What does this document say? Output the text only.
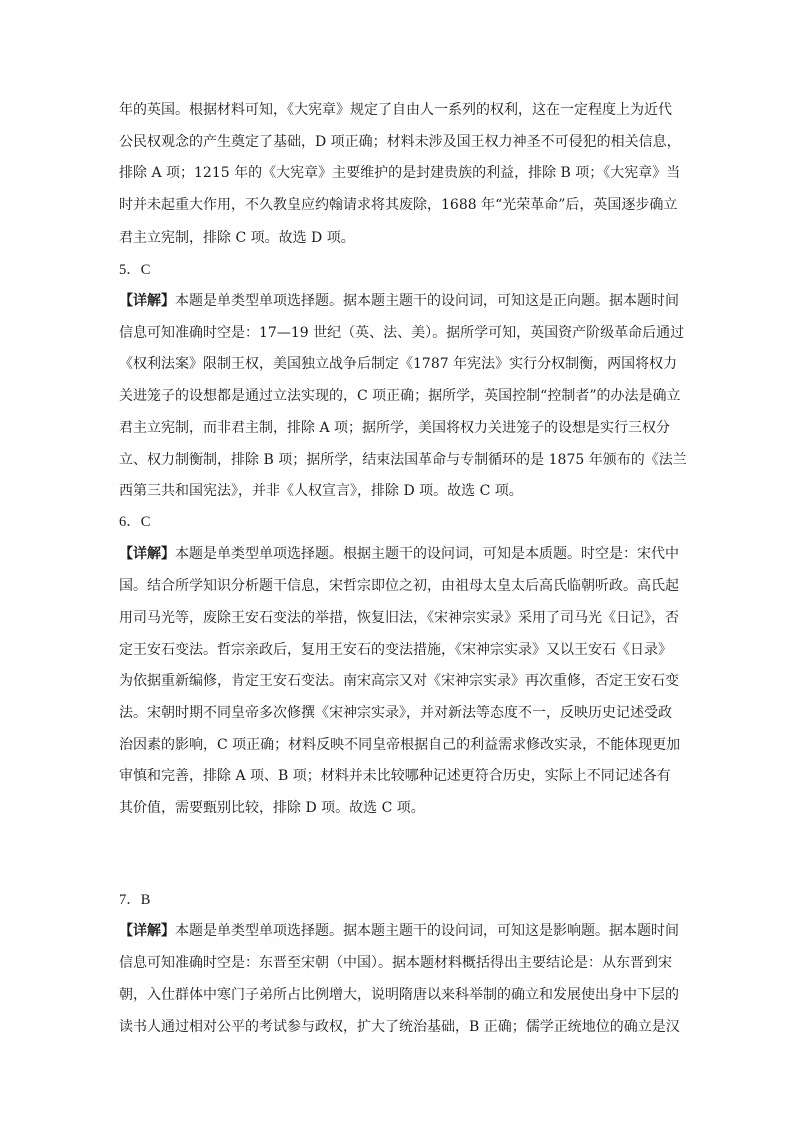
年的英国。根据材料可知，《大宪章》规定了自由人一系列的权利，这在一定程度上为近代
公民权观念的产生奠定了基础，D 项正确；材料未涉及国王权力神圣不可侵犯的相关信息，
排除 A 项；1215 年的《大宪章》主要维护的是封建贵族的利益，排除 B 项；《大宪章》当
时并未起重大作用，不久教皇应约翰请求将其废除，1688 年“光荣革命”后，英国逐步确立
君主立宪制，排除 C 项。故选 D 项。
5．C
【详解】本题是单类型单项选择题。据本题主题干的设问词，可知这是正向题。据本题时间
信息可知准确时空是：17—19 世纪（英、法、美）。据所学可知，英国资产阶级革命后通过
《权利法案》限制王权，美国独立战争后制定《1787 年宪法》实行分权制衡，两国将权力
关进笼子的设想都是通过立法实现的，C 项正确；据所学，英国控制“控制者”的办法是确立
君主立宪制，而非君主制，排除 A 项；据所学，美国将权力关进笼子的设想是实行三权分
立、权力制衡制，排除 B 项；据所学，结束法国革命与专制循环的是 1875 年颁布的《法兰
西第三共和国宪法》，并非《人权宣言》，排除 D 项。故选 C 项。
6．C
【详解】本题是单类型单项选择题。根据主题干的设问词，可知是本质题。时空是：宋代中
国。结合所学知识分析题干信息，宋哲宗即位之初，由祖母太皇太后高氏临朝听政。高氏起
用司马光等，废除王安石变法的举措，恢复旧法，《宋神宗实录》采用了司马光《日记》，否
定王安石变法。哲宗亲政后，复用王安石的变法措施，《宋神宗实录》又以王安石《日录》
为依据重新编修，肯定王安石变法。南宋高宗又对《宋神宗实录》再次重修，否定王安石变
法。宋朝时期不同皇帝多次修撰《宋神宗实录》，并对新法等态度不一，反映历史记述受政
治因素的影响，C 项正确；材料反映不同皇帝根据自己的利益需求修改实录，不能体现更加
审慎和完善，排除 A 项、B 项；材料并未比较哪种记述更符合历史，实际上不同记述各有
其价值，需要甄别比较，排除 D 项。故选 C 项。
7．B
【详解】本题是单类型单项选择题。据本题主题干的设问词，可知这是影响题。据本题时间
信息可知准确时空是：东晋至宋朝（中国）。据本题材料概括得出主要结论是：从东晋到宋
朝，入仕群体中寒门子弟所占比例增大，说明隋唐以来科举制的确立和发展使出身中下层的
读书人通过相对公平的考试参与政权，扩大了统治基础，B 正确；儒学正统地位的确立是汉
